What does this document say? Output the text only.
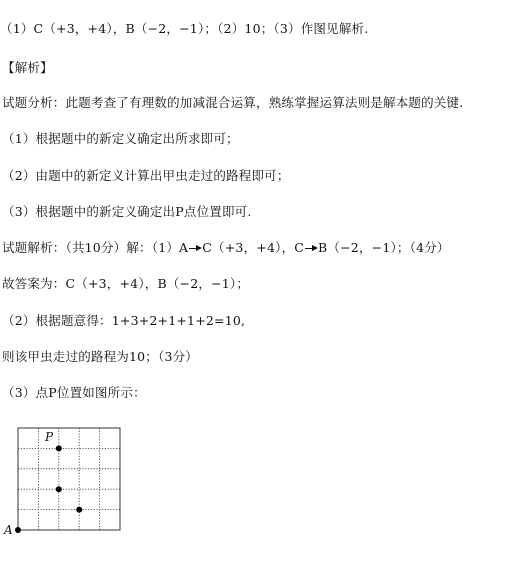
（1）C（+3，+4），B（−2，−1）；（2）10；（3）作图见解析.
【解析】
试题分析：此题考查了有理数的加减混合运算，熟练掌握运算法则是解本题的关键.
（1）根据题中的新定义确定出所求即可；
（2）由题中的新定义计算出甲虫走过的路程即可；
（3）根据题中的新定义确定出P点位置即可.
试题解析：（共10分）解：（1）A C（+3，+4），C B（−2，−1）；（4分）
故答案为：C（+3，+4），B（−2，−1）；
（2）根据题意得：1+3+2+1+1+2=10,
则该甲虫走过的路程为10；（3分）
（3）点P位置如图所示：
P
A
